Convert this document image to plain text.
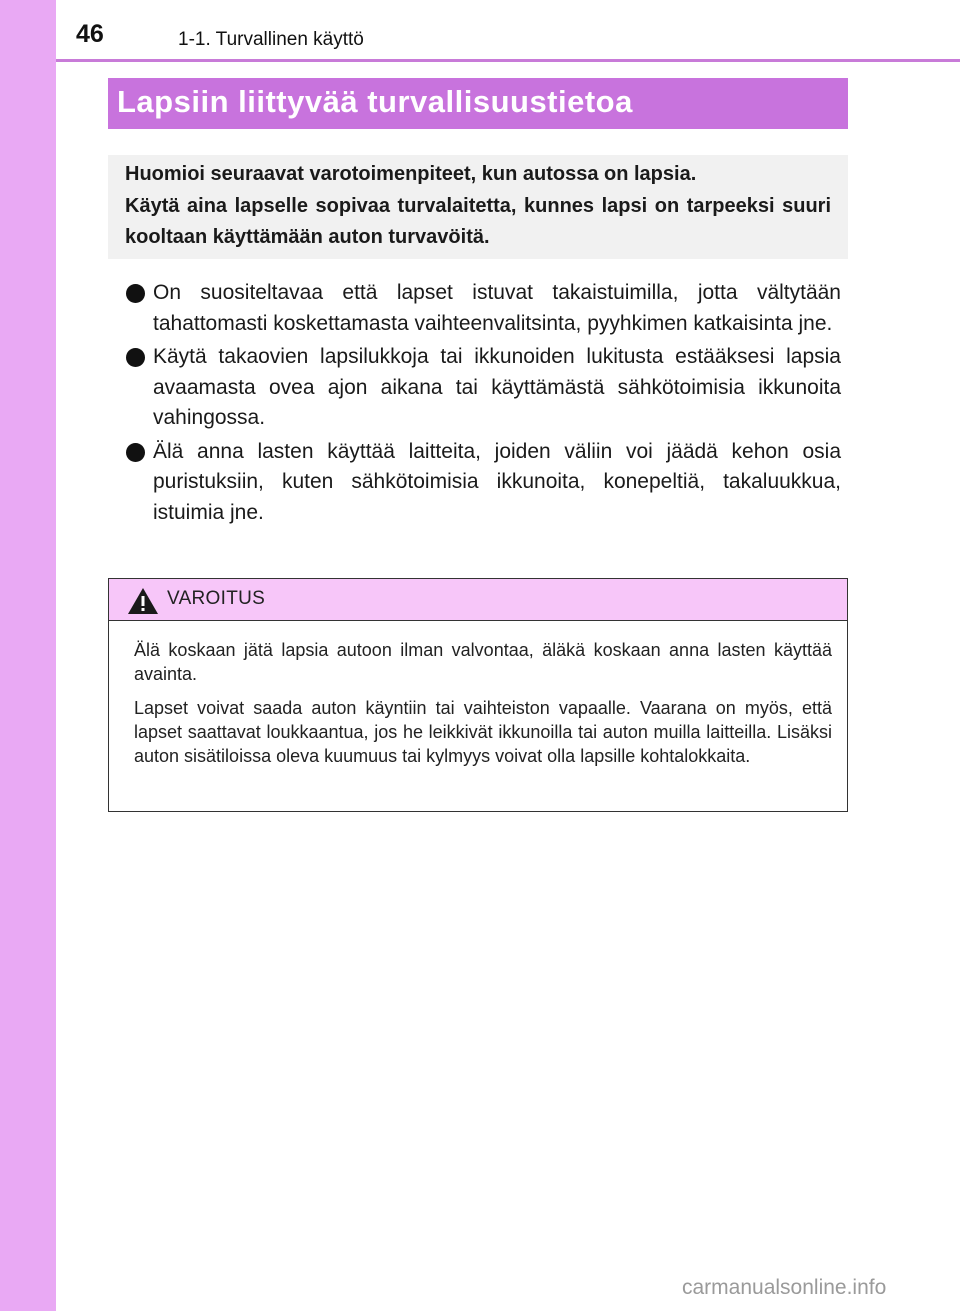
46	1-1. Turvallinen käyttö
Lapsiin liittyvää turvallisuustietoa

Huomioi seuraavat varotoimenpiteet, kun autossa on lapsia.

Käytä aina lapselle sopivaa turvalaitetta, kunnes lapsi on tarpeeksi suuri kooltaan käyttämään auton turvavöitä.

On suositeltavaa että lapset istuvat takaistuimilla, jotta vältytään tahattomasti koskettamasta vaihteenvalitsinta, pyyhkimen katkaisinta jne.
Käytä takaovien lapsilukkoja tai ikkunoiden lukitusta estääksesi lapsia avaamasta ovea ajon aikana tai käyttämästä sähkötoimisia ikkunoita vahingossa.
Älä anna lasten käyttää laitteita, joiden väliin voi jäädä kehon osia puristuksiin, kuten sähkötoimisia ikkunoita, konepeltiä, takaluukkua, istuimia jne.
VAROITUS

Älä koskaan jätä lapsia autoon ilman valvontaa, äläkä koskaan anna lasten käyttää avainta.

Lapset voivat saada auton käyntiin tai vaihteiston vapaalle. Vaarana on myös, että lapset saattavat loukkaantua, jos he leikkivät ikkunoilla tai auton muilla laitteilla. Lisäksi auton sisätiloissa oleva kuumuus tai kylmyys voivat olla lapsille kohtalokkaita.

carmanualsonline.info
